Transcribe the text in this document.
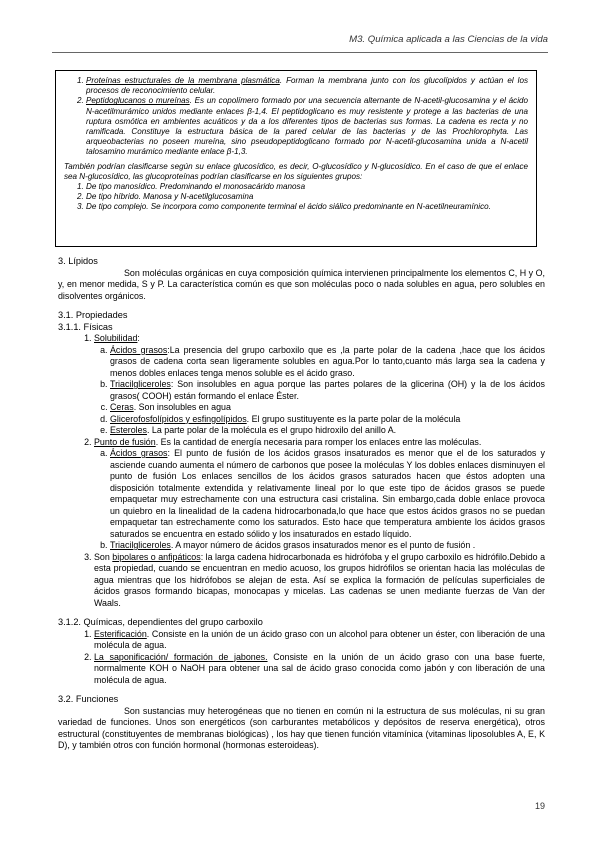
M3. Química aplicada a las Ciencias de la vida
1. Proteínas estructurales de la membrana plasmática. Forman la membrana junto con los glucolípidos y actúan el los procesos de reconocimiento celular.
2. Peptidoglucanos o mureínas. Es un copolímero formado por una secuencia alternante de N-acetil-glucosamina y el ácido N-acetilmurámico unidos mediante enlaces β-1,4. El peptidoglicano es muy resistente y protege a las bacterias de una ruptura osmótica en ambientes acuáticos y da a los diferentes tipos de bacterias sus formas. La cadena es recta y no ramificada. Constituye la estructura básica de la pared celular de las bacterias y de las Prochlorophyta. Las arqueobacterias no poseen mureína, sino pseudopeptidoglicano formado por N-acetil-glucosamina unida a N-acetil talosamino murámico mediante enlace β-1,3.

También podrían clasificarse según su enlace glucosídico, es decir, O-glucosídico y N-glucosídico. En el caso de que el enlace sea N-glucosídico, las glucoproteínas podrían clasificarse en los siguientes grupos:

1. De tipo manosídico. Predominando el monosacárido manosa
2. De tipo híbrido. Manosa y N-acetilglucosamina
3. De tipo complejo. Se incorpora como componente terminal el ácido siálico predominante en N-acetilneuramínico.
3. Lípidos

Son moléculas orgánicas en cuya composición química intervienen principalmente los elementos C, H y O, y, en menor medida, S y P. La característica común es que son moléculas poco o nada solubles en agua, pero solubles en disolventes orgánicos.

3.1. Propiedades
3.1.1. Físicas
1. Solubilidad:
a. Ácidos grasos:La presencia del grupo carboxilo que es ,la parte polar de la cadena ,hace que los ácidos grasos de cadena corta sean ligeramente solubles en agua.Por lo tanto,cuanto más larga sea la cadena y menos dobles enlaces tenga menos soluble es el ácido graso.
b. Triacilgliceroles: Son insolubles en agua porque las partes polares de la glicerina (OH) y la de los ácidos grasos( COOH) están formando el enlace Éster.
c. Ceras. Son insolubles en agua
d. Glicerofosfolípidos y esfingolípidos. El grupo sustituyente es la parte polar de la molécula
e. Esteroles. La parte polar de la molécula es el grupo hidroxilo del anillo A.
2. Punto de fusión. Es la cantidad de energía necesaria para romper los enlaces entre las moléculas.
a. Ácidos grasos: El punto de fusión de los ácidos grasos insaturados es menor que el de los saturados y asciende cuando aumenta el número de carbonos que posee la moléculas Y los dobles enlaces disminuyen el punto de fusión Los enlaces sencillos de los ácidos grasos saturados hacen que éstos adopten una disposición totalmente extendida y relativamente lineal por lo que este tipo de ácidos grasos se puede empaquetar muy estrechamente con una estructura casi cristalina. Sin embargo,cada doble enlace provoca un quiebro en la linealidad de la cadena hidrocarbonada,lo que hace que estos ácidos grasos no se puedan empaquetar tan estrechamente como los saturados. Esto hace que temperatura ambiente los ácidos grasos saturados se encuentra en estado sólido y los insaturados en estado líquido.
b. Triacilgliceroles. A mayor número de ácidos grasos insaturados menor es el punto de fusión .
3. Son bipolares o anfipáticos: la larga cadena hidrocarbonada es hidrófoba y el grupo carboxilo es hidrófilo.Debido a esta propiedad, cuando se encuentran en medio acuoso, los grupos hidrófilos se orientan hacia las moléculas de agua mientras que los hidrófobos se alejan de esta. Así se explica la formación de películas superficiales de ácidos grasos formando bicapas, monocapas y micelas. Las cadenas se unen mediante fuerzas de Van der Waals.
3.1.2. Químicas, dependientes del grupo carboxilo
1. Esterificación. Consiste en la unión de un ácido graso con un alcohol para obtener un éster, con liberación de una molécula de agua.
2. La saponificación/ formación de jabones. Consiste en la unión de un ácido graso con una base fuerte, normalmente KOH o NaOH para obtener una sal de ácido graso conocida como jabón y con liberación de una molécula de agua.
3.2. Funciones

Son sustancias muy heterogéneas que no tienen en común ni la estructura de sus moléculas, ni su gran variedad de funciones. Unos son energéticos (son carburantes metabólicos y depósitos de reserva energética), otros estructural (constituyentes de membranas biológicas) , los hay que tienen función vitamínica (vitaminas liposolubles A, E, K D), y también otros con función hormonal (hormonas esteroideas).

19
